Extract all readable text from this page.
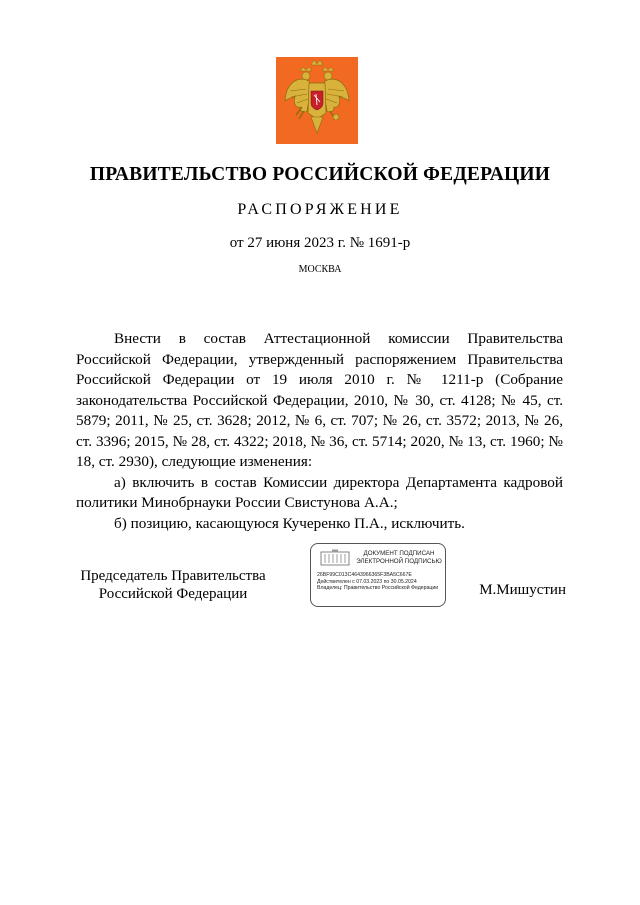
ПРАВИТЕЛЬСТВО РОССИЙСКОЙ ФЕДЕРАЦИИ
РАСПОРЯЖЕНИЕ
от 27 июня 2023 г. № 1691-р
МОСКВА

Внести в состав Аттестационной комиссии Правительства Российской Федерации, утвержденный распоряжением Правительства Российской Федерации от 19 июля 2010 г. № 1211-р (Собрание законодательства Российской Федерации, 2010, № 30, ст. 4128; № 45, ст. 5879; 2011, № 25, ст. 3628; 2012, № 6, ст. 707; № 26, ст. 3572; 2013, № 26, ст. 3396; 2015, № 28, ст. 4322; 2018, № 36, ст. 5714; 2020, № 13, ст. 1960; № 18, ст. 2930), следующие изменения:

а) включить в состав Комиссии директора Департамента кадровой политики Минобрнауки России Свистунова А.А.;

б) позицию, касающуюся Кучеренко П.А., исключить.

Председатель Правительства
Российской Федерации
ДОКУМЕНТ ПОДПИСАН
ЭЛЕКТРОННОЙ ПОДПИСЬЮ
26BF99C013C4643966365F3BA5C667E
Действителен с 07.03.2023 по 30.05.2024
Владелец: Правительство Российской Федерации	М.Мишустин
